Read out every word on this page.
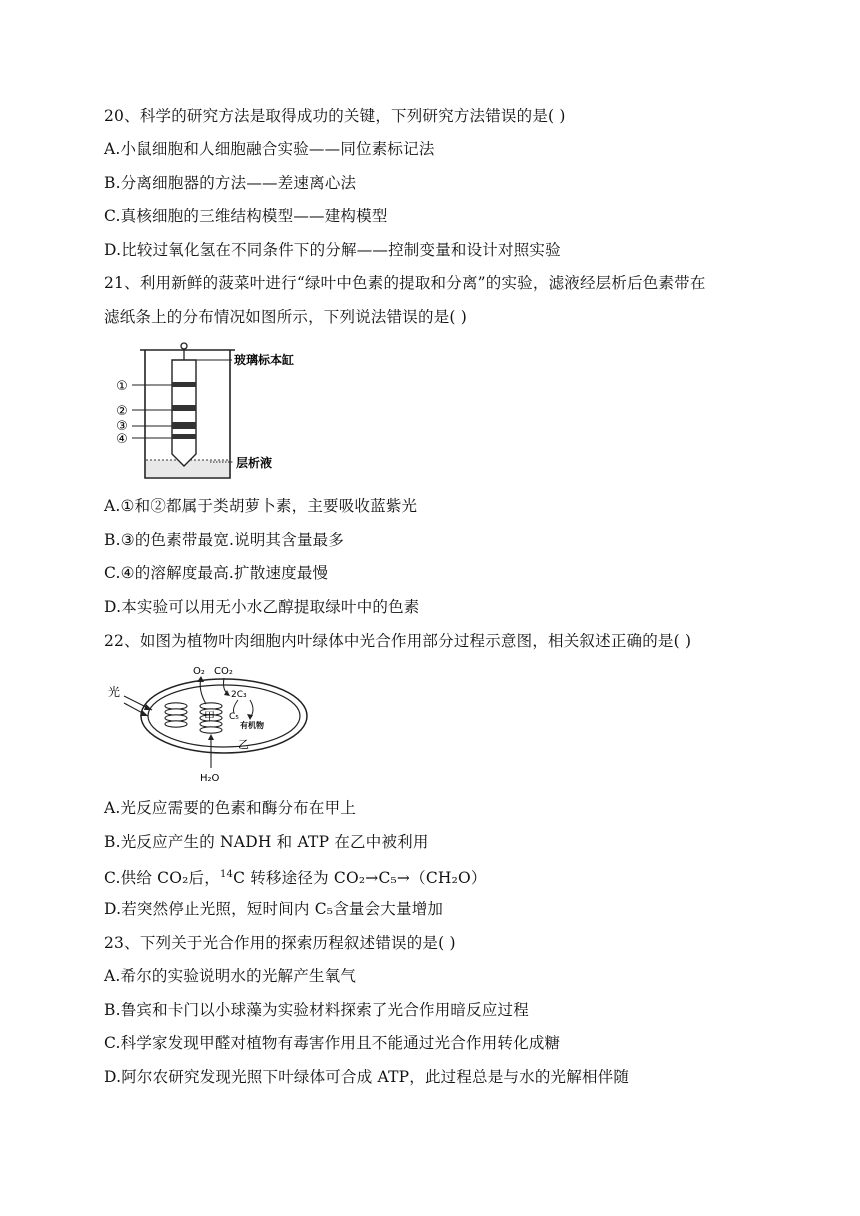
20、科学的研究方法是取得成功的关键，下列研究方法错误的是( )
A.小鼠细胞和人细胞融合实验——同位素标记法
B.分离细胞器的方法——差速离心法
C.真核细胞的三维结构模型——建构模型
D.比较过氧化氢在不同条件下的分解——控制变量和设计对照实验
21、利用新鲜的菠菜叶进行“绿叶中色素的提取和分离”的实验，滤液经层析后色素带在
滤纸条上的分布情况如图所示，下列说法错误的是( )
①
②
③
④
玻璃标本缸
层析液
A.①和②都属于类胡萝卜素，主要吸收蓝紫光
B.③的色素带最宽.说明其含量最多
C.④的溶解度最高.扩散速度最慢
D.本实验可以用无小水乙醇提取绿叶中的色素
22、如图为植物叶肉细胞内叶绿体中光合作用部分过程示意图，相关叙述正确的是( )
光
甲
O₂ CO₂
2C₃
C₅
有机物
乙
H₂O
A.光反应需要的色素和酶分布在甲上
B.光反应产生的 NADH 和 ATP 在乙中被利用
C.供给 CO₂后，$^{14}$C 转移途径为 CO₂→C₅→（CH₂O）
D.若突然停止光照，短时间内 C₅含量会大量增加
23、下列关于光合作用的探索历程叙述错误的是( )
A.希尔的实验说明水的光解产生氧气
B.鲁宾和卡门以小球藻为实验材料探索了光合作用暗反应过程
C.科学家发现甲醛对植物有毒害作用且不能通过光合作用转化成糖
D.阿尔农研究发现光照下叶绿体可合成 ATP，此过程总是与水的光解相伴随
